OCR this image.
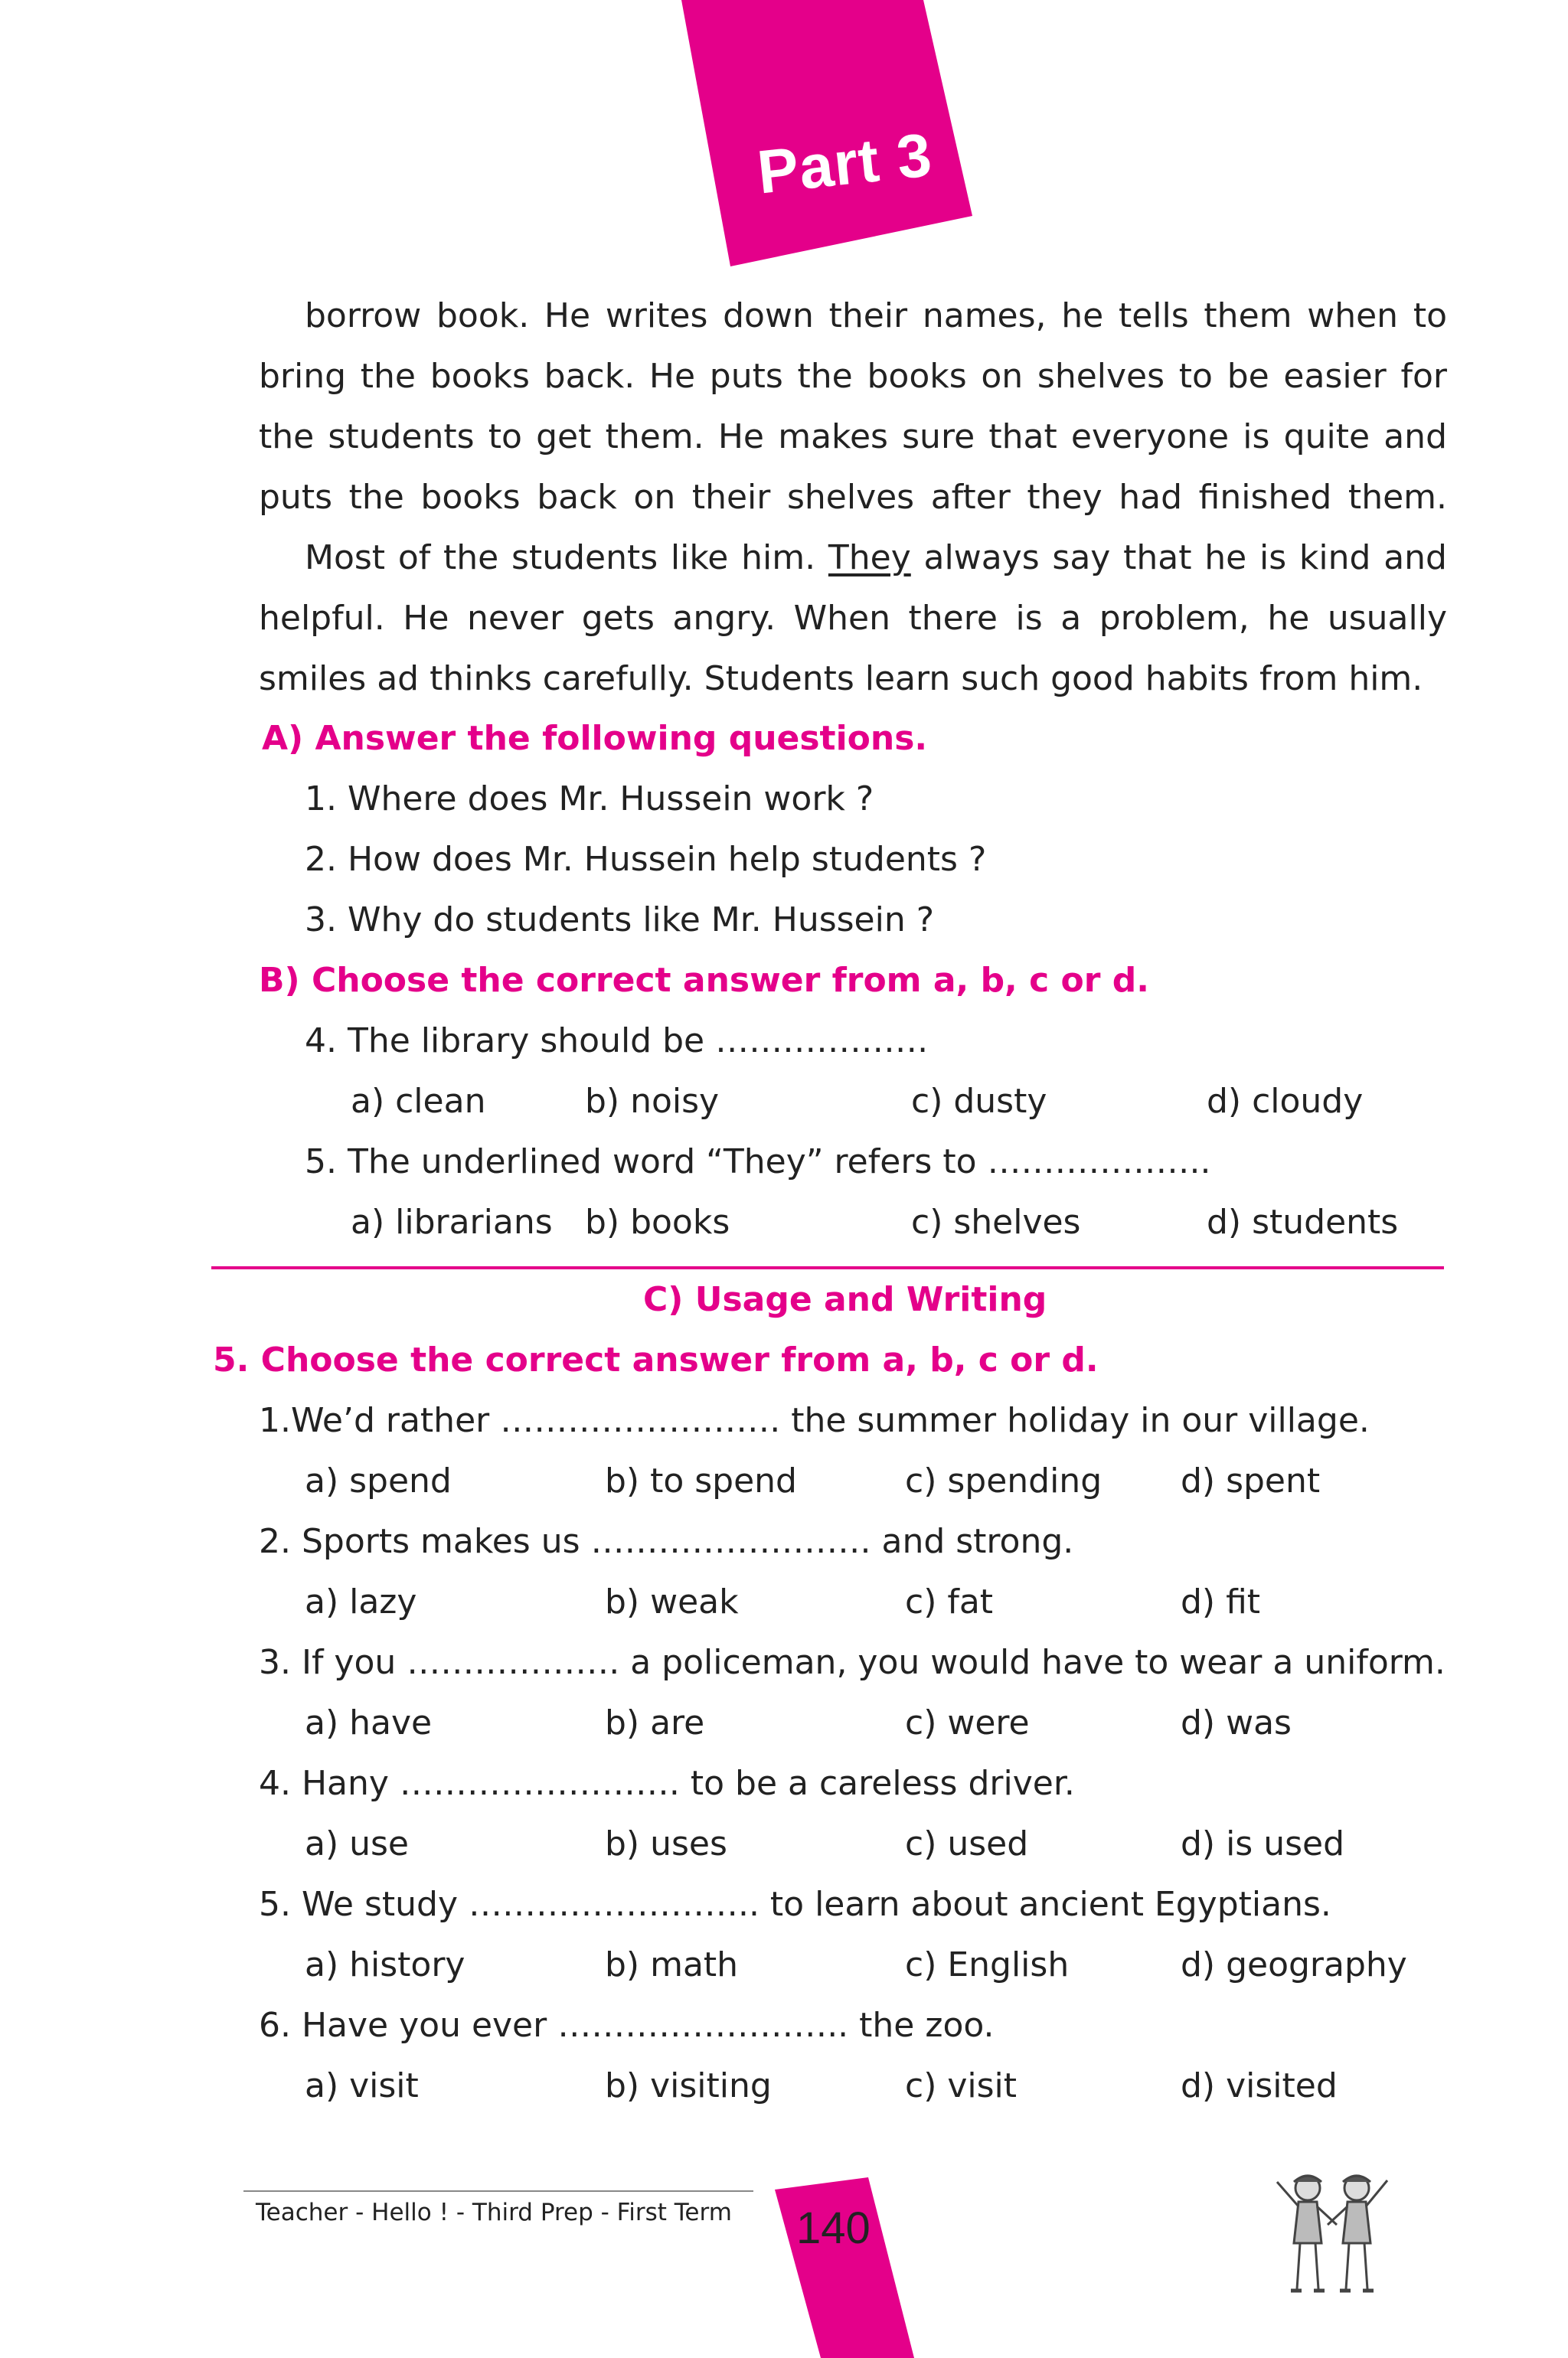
Part 3

borrow book. He writes down their names, he tells them when to bring the books back. He puts the books on shelves to be easier for the students to get them. He makes sure that everyone is quite and puts the books back on their shelves after they had finished them.

Most of the students like him. They always say that he is kind and helpful. He never gets angry. When there is a problem, he usually smiles ad thinks carefully. Students learn such good habits from him.

A) Answer the following questions.
1. Where does Mr. Hussein work ?
2. How does Mr. Hussein help students ?
3. Why do students like Mr. Hussein ?
B) Choose the correct answer from a, b, c or d.
4. The library should be ……………….
a) clean	b) noisy	c) dusty	d) cloudy
5. The underlined word “They” refers to ………………..
a) librarians b) books	c) shelves	d) students
C) Usage and Writing
5. Choose the correct answer from a, b, c or d.
1.We’d rather ……………………. the summer holiday in our village.
a) spend	b) to spend	c) spending d) spent
2. Sports makes us ……………………. and strong.
a) lazy	b) weak	c) fat	d) fit
3. If you ………………. a policeman, you would have to wear a uniform.
a) have	b) are	c) were	d) was
4. Hany ……………………. to be a careless driver.
a) use	b) uses	c) used	d) is used
5. We study …………………….. to learn about ancient Egyptians.
a) history	b) math	c) English	d) geography
6. Have you ever …………………….. the zoo.
a) visit	b) visiting	c) visit	d) visited
Teacher - Hello ! - Third Prep - First Term 140
